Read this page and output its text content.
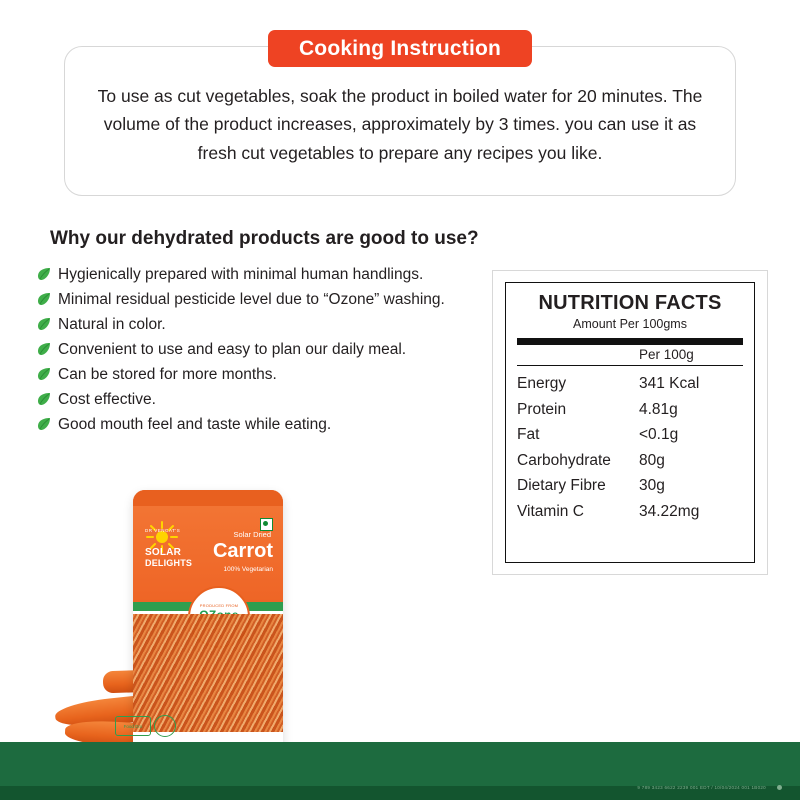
Cooking Instruction
To use as cut vegetables, soak the product in boiled water for 20 minutes. The volume of the product increases, approximately by 3 times. you can use it as fresh cut vegetables to prepare any recipes you like.
Why our dehydrated products are good to use?
Hygienically prepared with minimal human handlings.
Minimal residual pesticide level due to “Ozone” washing.
Natural in color.
Convenient to use and easy to plan our daily meal.
Can be stored for more months.
Cost effective.
Good mouth feel and taste while eating.
NUTRITION FACTS
Amount Per 100gms
Per 100g
Energy	341 Kcal
Protein	4.81g
Fat	<0.1g
Carbohydrate	80g
Dietary Fibre	30g
Vitamin C	34.22mg
DR VENGAT'S
SOLAR
DELIGHTS
Solar Dried
Carrot
100% Vegetarian
PRODUCED FROM
Food Dro
9 789 3423 6622 2239 001 EDT / 10/04/2024 001 1B020
